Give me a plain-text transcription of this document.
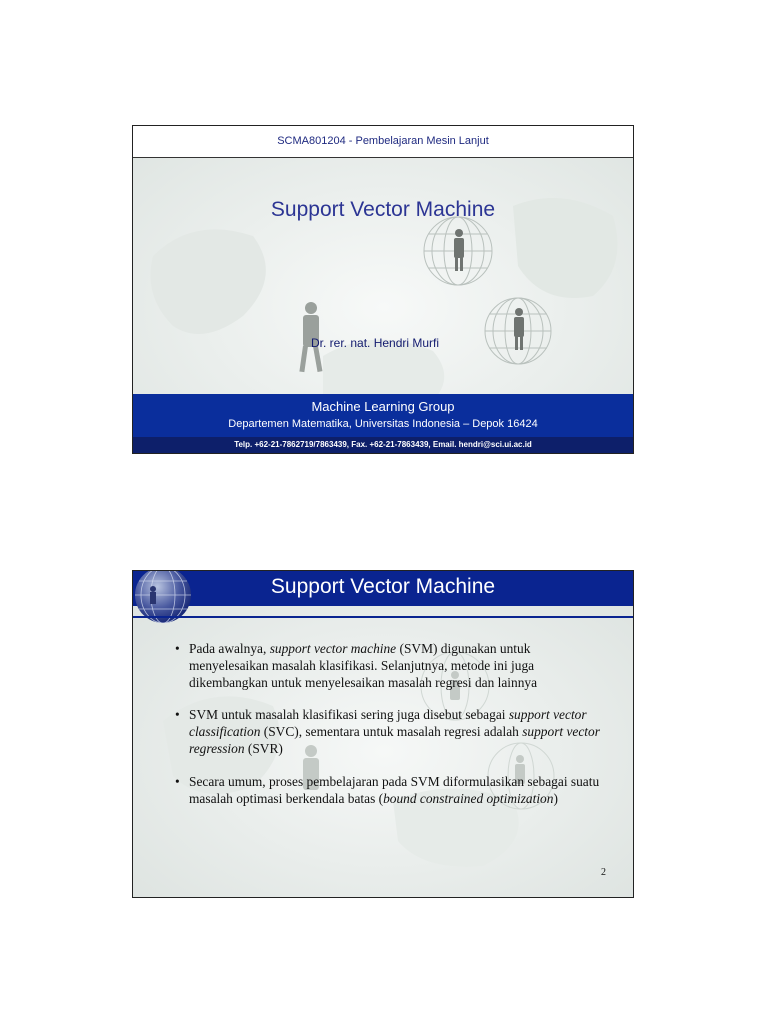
SCMA801204 - Pembelajaran Mesin Lanjut
Support Vector Machine
Dr. rer. nat. Hendri Murfi
Machine Learning Group
Departemen Matematika, Universitas Indonesia – Depok 16424
Telp. +62-21-7862719/7863439, Fax. +62-21-7863439, Email. hendri@sci.ui.ac.id
Support Vector Machine
• Pada awalnya, support vector machine (SVM) digunakan untuk menyelesaikan masalah klasifikasi. Selanjutnya, metode ini juga dikembangkan untuk menyelesaikan masalah regresi dan lainnya
• SVM untuk masalah klasifikasi sering juga disebut sebagai support vector classification (SVC), sementara untuk masalah regresi adalah support vector regression (SVR)
• Secara umum, proses pembelajaran pada SVM diformulasikan sebagai suatu masalah optimasi berkendala batas (bound constrained optimization)
2
